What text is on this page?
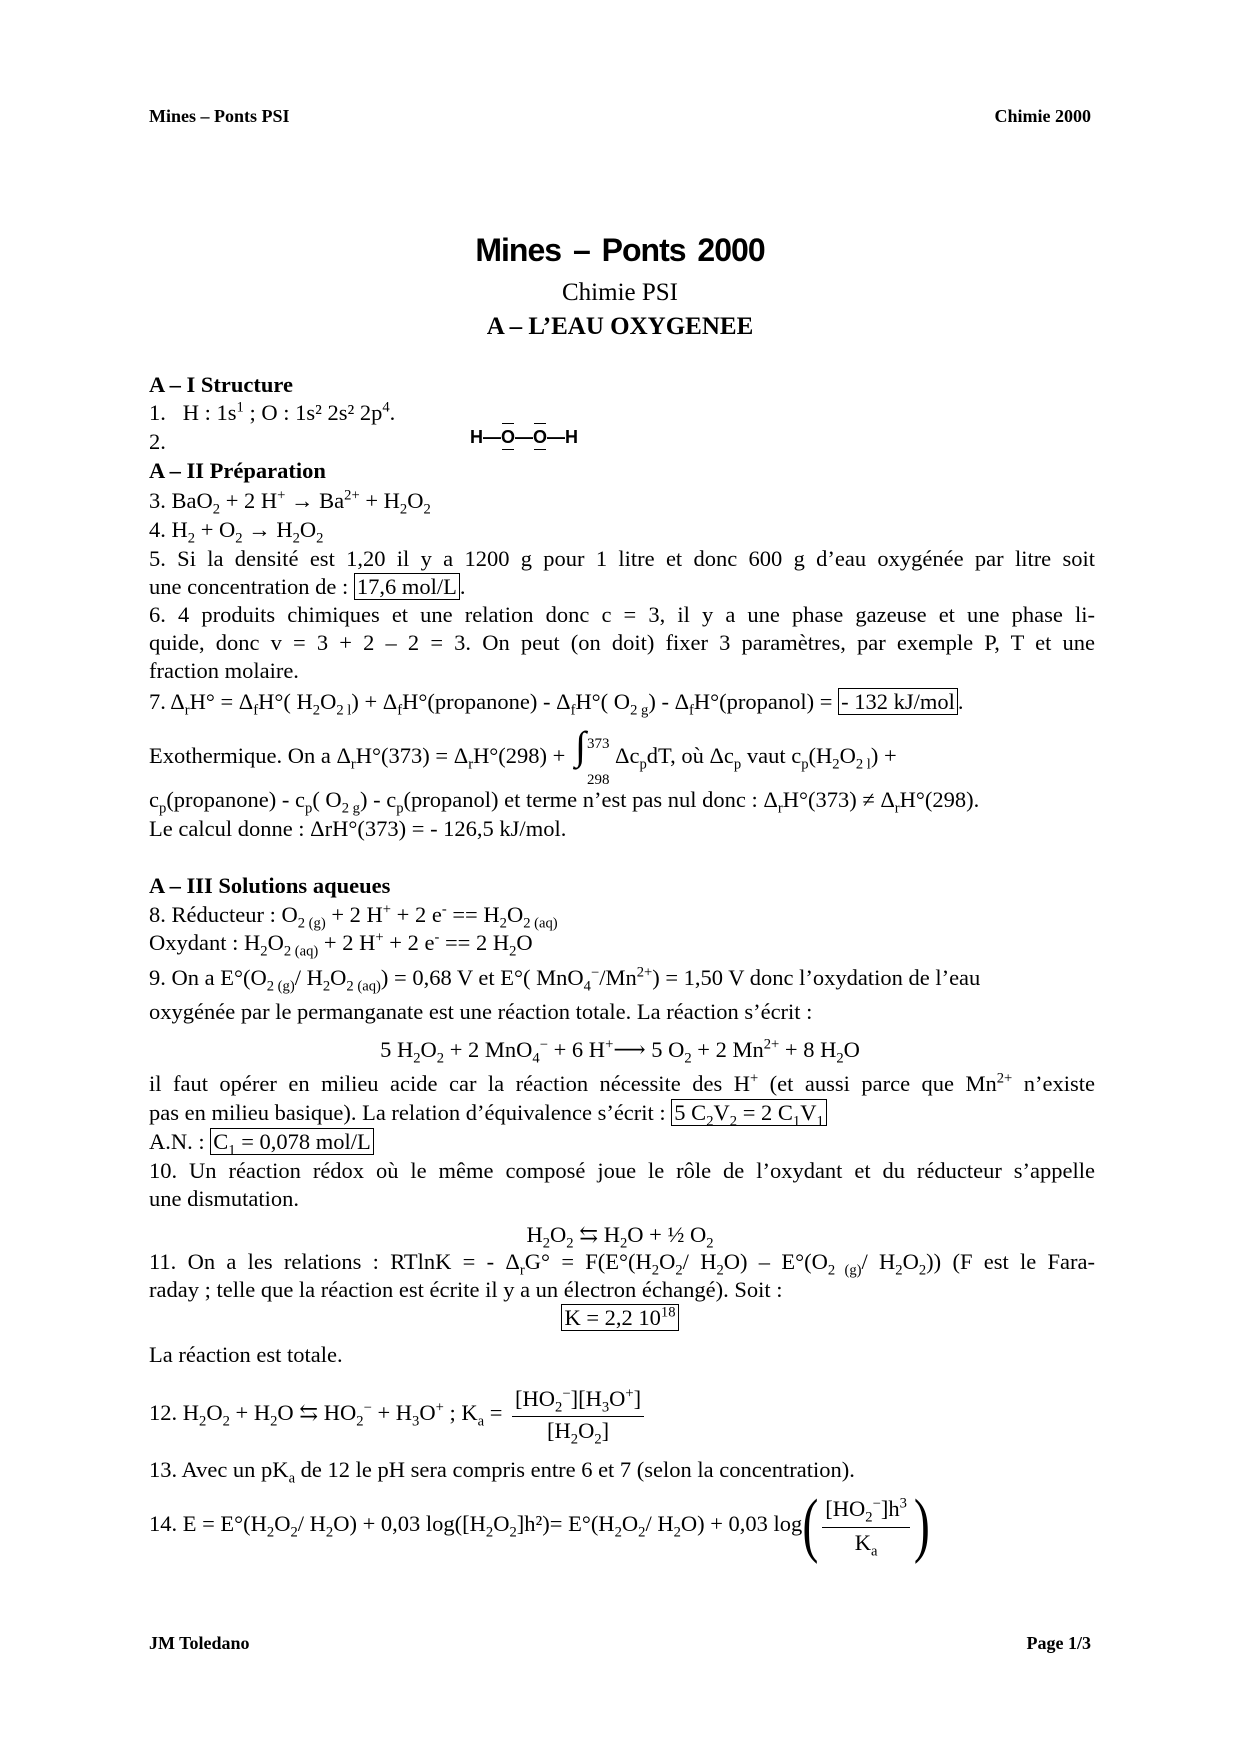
Mines – Ponts PSI	Chimie 2000
Mines – Ponts 2000
Chimie PSI
A – L’EAU OXYGENEE
A – I Structure
1.   H : $1s^1$ ; O : 1s² 2s² $2p^4$.
2.	H—O—O—H
A – II Préparation
3. BaO$_2$ + 2 $H^+ \to Ba^{2+} + H_2O_2$
4. $H_2 + O_2 \to H_2O_2$
5. Si la densité est 1,20 il y a 1200 g pour 1 litre et donc 600 g d’eau oxygénée par litre soit
une concentration de : 17,6 mol/L .
6. 4 produits chimiques et une relation donc c = 3, il y a une phase gazeuse et une phase li-
quide, donc v = 3 + 2 – 2 = 3. On peut (on doit) fixer 3 paramètres, par exemple P, T et une
fraction molaire.
7. $\Delta_rH^\circ = \Delta_fH^\circ$( $H_2O_{2 l}$) + $\Delta_fH^\circ(propanone) - \Delta_fH^\circ$( $O_{2 g}$) - $\Delta_fH^\circ(propanol)$ = - 132 kJ/mol .
Exothermique. On a $\Delta_rH^\circ(373) = \Delta_rH^\circ(298)$ + ∫ 373
298
$\Delta c_pdT$, où $\Delta c_p$ vaut $c_p(H_2O_{2 l})$ +
$c_p(propanone) - c_p$( $O_{2 g}$) - $c_p(propanol)$ et terme n’est pas nul donc : $\Delta_rH^\circ(373) \ne \Delta_rH^\circ(298)$.
Le calcul donne : ΔrH°(373) = - 126,5 kJ/mol.
A – III Solutions aqueues
8. Réducteur : $O_{2 (g)} + 2$ H+ + 2 $e^- == H_2O_{2 (aq)}$
Oxydant : $H_2O_{2 (aq)} + 2$ H+ + 2 e- == 2 $H_2O$
9. On a $E^\circ(O_{2 (g)}/$ $H_2O_{2 (aq)}) = 0,68$ V et E°( $MnO_4^-/Mn^{2+}) = 1,50$ V donc l’oxydation de l’eau
oxygénée par le permanganate est une réaction totale. La réaction s’écrit :
5 $H_2O_2 + 2$ MnO$_4$− + 6 H+⟶ 5 $O_2 + 2$ $Mn^{2+} + 8$ $H_2O$
il faut opérer en milieu acide car la réaction nécessite des H+ (et aussi parce que $Mn^{2+}$ n’existe
pas en milieu basique). La relation d’équivalence s’écrit : 5 $C_2V_2 = 2$ $C_1V_1$
A.N. : $C_1 = 0,078$ mol/L
10. Un réaction rédox où le même composé joue le rôle de l’oxydant et du réducteur s’appelle
une dismutation.
$H_2O_2$ ⇆ $H_2O$ + ½ $O_2$
11. On a les relations : RTlnK = - $\Delta_rG^\circ = F(E^\circ(H_2O_2/$ $H_2O) - E^\circ(O_{2 (g)}/$ $H_2O_2$)) (F est le Fara-
raday ; telle que la réaction est écrite il y a un électron échangé). Soit :
K = 2,2 $10^{18}$
La réaction est totale.
12. $H_2O_2 + H_2O$ ⇆ $HO_2^- + H_3O^+$ ; $K_a = \frac{[HO_2^-][H_3O^+]}{[H_2O_2]}$
13. Avec un $pK_a$ de 12 le pH sera compris entre 6 et 7 (selon la concentration).
14. $E = E^\circ(H_2O_2/$ $H_2O) + 0,03$ $\log([H_2O_2]h^2)= E^\circ(H_2O_2/$ $H_2O) + 0,03$ $\log( \frac{[HO_2^-]h^3}{K_a}$ )
JM Toledano	Page 1/3
